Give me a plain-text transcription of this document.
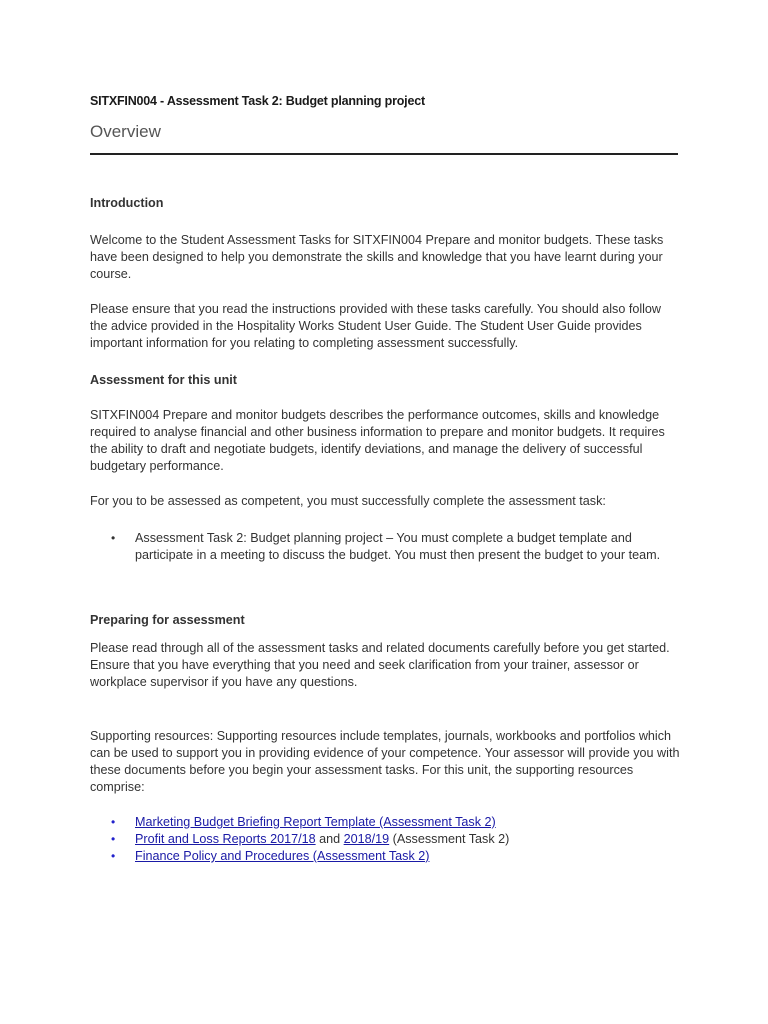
SITXFIN004 - Assessment Task 2: Budget planning project
Overview
Introduction
Welcome to the Student Assessment Tasks for SITXFIN004 Prepare and monitor budgets. These tasks have been designed to help you demonstrate the skills and knowledge that you have learnt during your course.
Please ensure that you read the instructions provided with these tasks carefully. You should also follow the advice provided in the Hospitality Works Student User Guide. The Student User Guide provides important information for you relating to completing assessment successfully.
Assessment for this unit
SITXFIN004 Prepare and monitor budgets describes the performance outcomes, skills and knowledge required to analyse financial and other business information to prepare and monitor budgets. It requires the ability to draft and negotiate budgets, identify deviations, and manage the delivery of successful budgetary performance.
For you to be assessed as competent, you must successfully complete the assessment task:
• Assessment Task 2: Budget planning project – You must complete a budget template and participate in a meeting to discuss the budget. You must then present the budget to your team.
Preparing for assessment
Please read through all of the assessment tasks and related documents carefully before you get started. Ensure that you have everything that you need and seek clarification from your trainer, assessor or workplace supervisor if you have any questions.
Supporting resources: Supporting resources include templates, journals, workbooks and portfolios which can be used to support you in providing evidence of your competence. Your assessor will provide you with these documents before you begin your assessment tasks. For this unit, the supporting resources comprise:
• Marketing Budget Briefing Report Template (Assessment Task 2)
• Profit and Loss Reports 2017/18 and 2018/19 (Assessment Task 2)
• Finance Policy and Procedures (Assessment Task 2)
